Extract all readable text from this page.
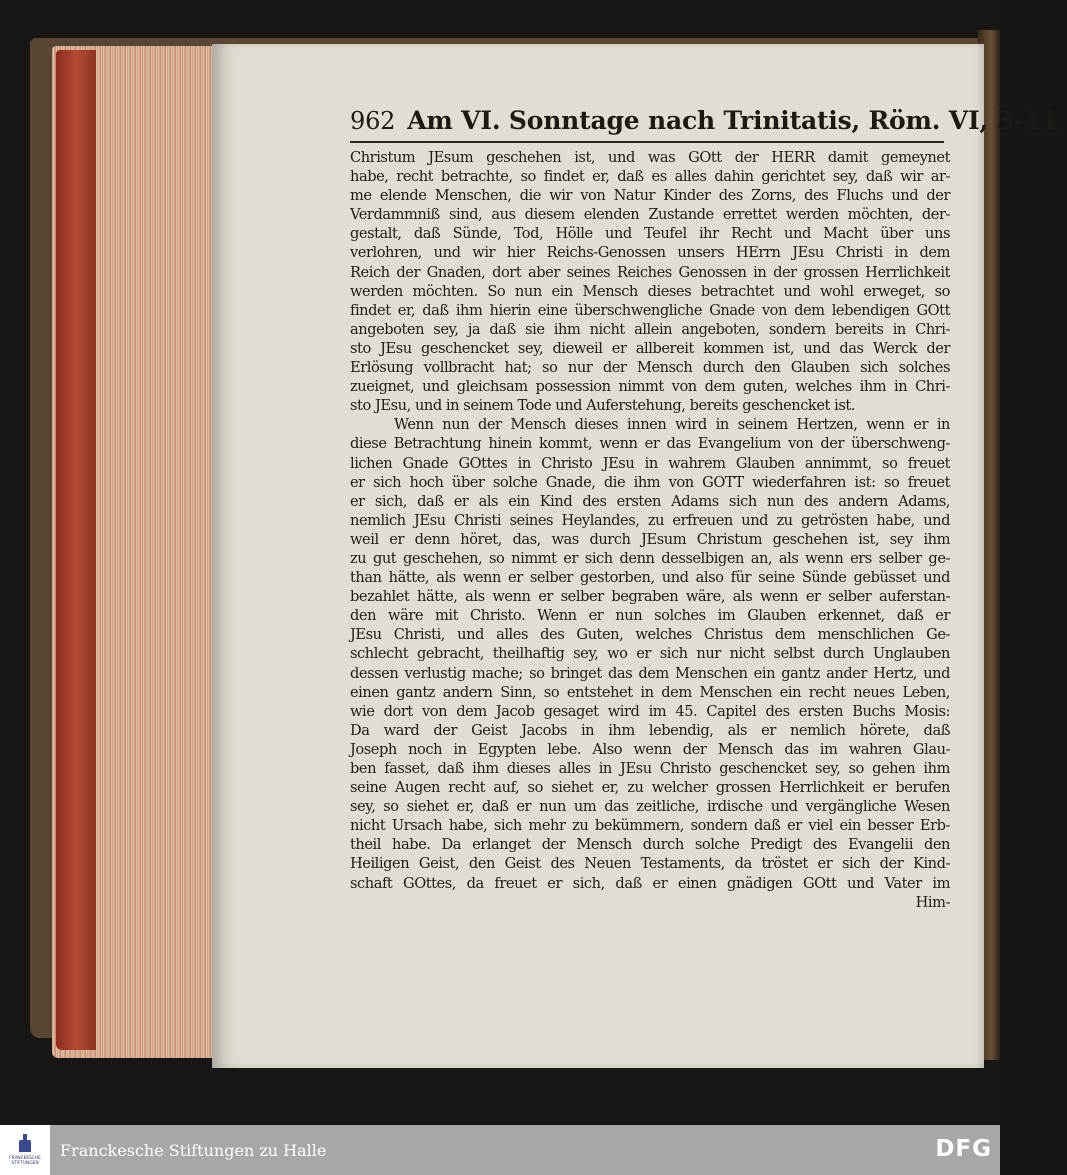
962 Am VI. Sonntage nach Trinitatis, Röm. VI, 3-11.
Christum JEsum geschehen ist, und was GOtt der HERR damit gemeynet
habe, recht betrachte, so findet er, daß es alles dahin gerichtet sey, daß wir ar-
me elende Menschen, die wir von Natur Kinder des Zorns, des Fluchs und der
Verdammniß sind, aus diesem elenden Zustande errettet werden möchten, der-
gestalt, daß Sünde, Tod, Hölle und Teufel ihr Recht und Macht über uns
verlohren, und wir hier Reichs-Genossen unsers HErrn JEsu Christi in dem
Reich der Gnaden, dort aber seines Reiches Genossen in der grossen Herrlichkeit
werden möchten. So nun ein Mensch dieses betrachtet und wohl erweget, so
findet er, daß ihm hierin eine überschwengliche Gnade von dem lebendigen GOtt
angeboten sey, ja daß sie ihm nicht allein angeboten, sondern bereits in Chri-
sto JEsu geschencket sey, dieweil er allbereit kommen ist, und das Werck der
Erlösung vollbracht hat; so nur der Mensch durch den Glauben sich solches
zueignet, und gleichsam possession nimmt von dem guten, welches ihm in Chri-
sto JEsu, und in seinem Tode und Auferstehung, bereits geschencket ist.
Wenn nun der Mensch dieses innen wird in seinem Hertzen, wenn er in
diese Betrachtung hinein kommt, wenn er das Evangelium von der überschweng-
lichen Gnade GOttes in Christo JEsu in wahrem Glauben annimmt, so freuet
er sich hoch über solche Gnade, die ihm von GOTT wiederfahren ist: so freuet
er sich, daß er als ein Kind des ersten Adams sich nun des andern Adams,
nemlich JEsu Christi seines Heylandes, zu erfreuen und zu getrösten habe, und
weil er denn höret, das, was durch JEsum Christum geschehen ist, sey ihm
zu gut geschehen, so nimmt er sich denn desselbigen an, als wenn ers selber ge-
than hätte, als wenn er selber gestorben, und also für seine Sünde gebüsset und
bezahlet hätte, als wenn er selber begraben wäre, als wenn er selber auferstan-
den wäre mit Christo. Wenn er nun solches im Glauben erkennet, daß er
JEsu Christi, und alles des Guten, welches Christus dem menschlichen Ge-
schlecht gebracht, theilhaftig sey, wo er sich nur nicht selbst durch Unglauben
dessen verlustig mache; so bringet das dem Menschen ein gantz ander Hertz, und
einen gantz andern Sinn, so entstehet in dem Menschen ein recht neues Leben,
wie dort von dem Jacob gesaget wird im 45. Capitel des ersten Buchs Mosis:
Da ward der Geist Jacobs in ihm lebendig, als er nemlich hörete, daß
Joseph noch in Egypten lebe. Also wenn der Mensch das im wahren Glau-
ben fasset, daß ihm dieses alles in JEsu Christo geschencket sey, so gehen ihm
seine Augen recht auf, so siehet er, zu welcher grossen Herrlichkeit er berufen
sey, so siehet er, daß er nun um das zeitliche, irdische und vergängliche Wesen
nicht Ursach habe, sich mehr zu bekümmern, sondern daß er viel ein besser Erb-
theil habe. Da erlanget der Mensch durch solche Predigt des Evangelii den
Heiligen Geist, den Geist des Neuen Testaments, da tröstet er sich der Kind-
schaft GOttes, da freuet er sich, daß er einen gnädigen GOtt und Vater im
Him-
FRANCKESCHE
STIFTUNGEN
Franckesche Stiftungen zu Halle	DFG
